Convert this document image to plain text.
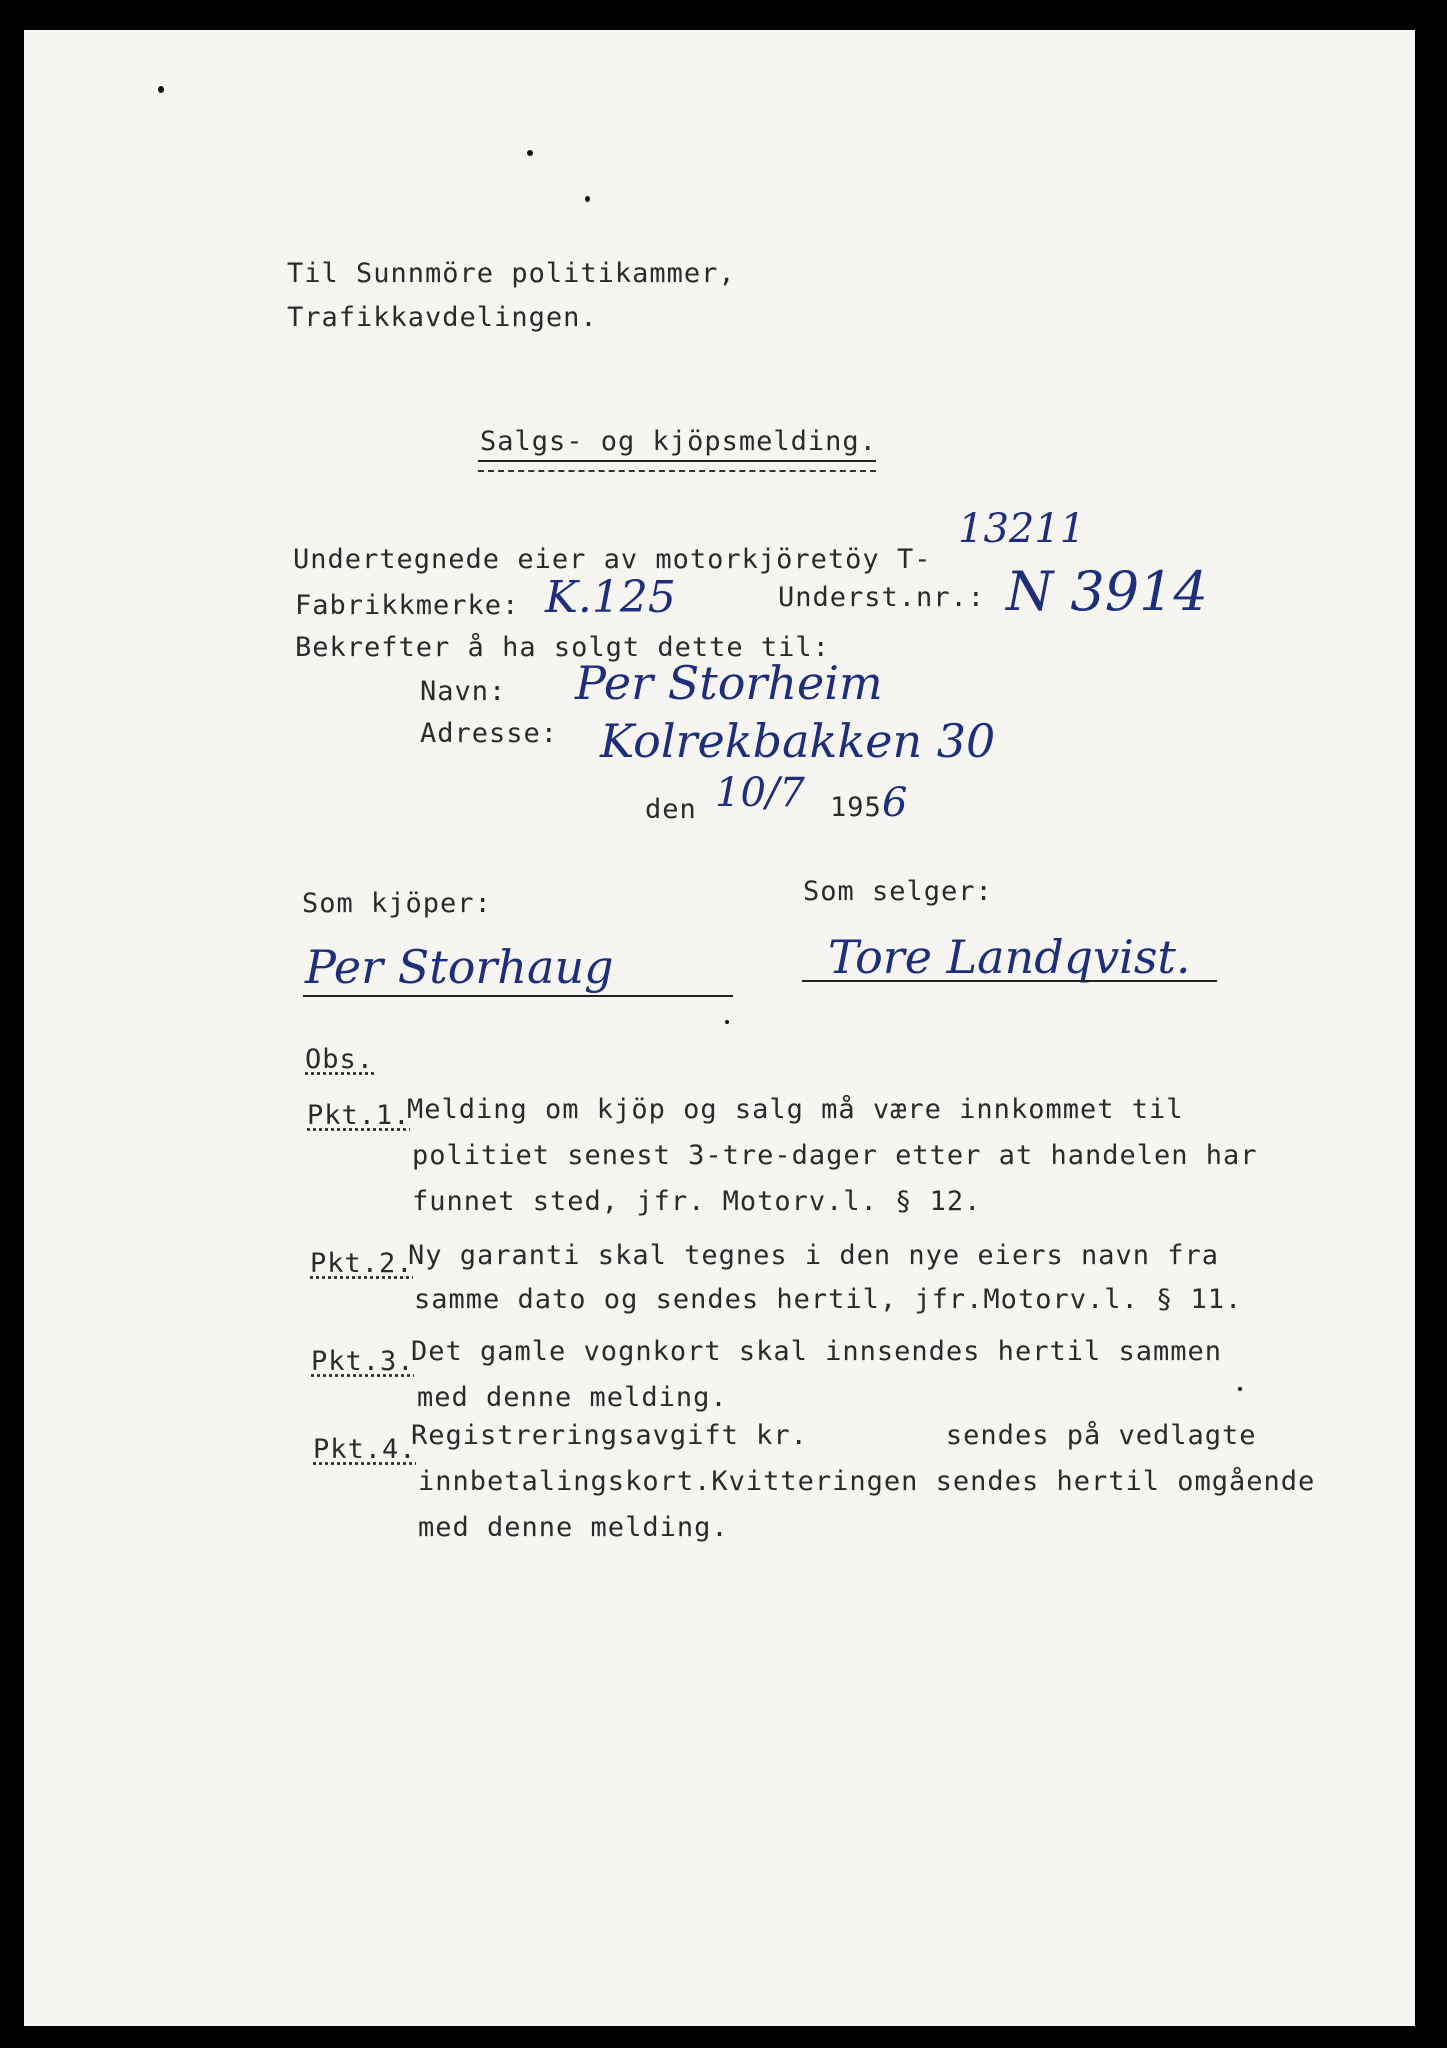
Til Sunnmöre politikammer,
Trafikkavdelingen.
Salgs- og kjöpsmelding.
Undertegnede eier av motorkjöretöy T-
13211
Fabrikkmerke: K.125	Underst.nr.: N 3914
Bekrefter å ha solgt dette til:
Navn: Per Storheim
Adresse: Kolrekbakken 30
den 10/7 195 6
Som kjöper:
Per Storhaug
Som selger:
Tore Landqvist.
Obs.
Pkt.1.
Melding om kjöp og salg må være innkommet til
politiet senest 3-tre-dager etter at handelen har
funnet sted, jfr. Motorv.l. § 12.
Pkt.2.
Ny garanti skal tegnes i den nye eiers navn fra
samme dato og sendes hertil, jfr.Motorv.l. § 11.
Pkt.3.
Det gamle vognkort skal innsendes hertil sammen
med denne melding.
Pkt.4.
Registreringsavgift kr.        sendes på vedlagte
innbetalingskort.Kvitteringen sendes hertil omgående
med denne melding.
